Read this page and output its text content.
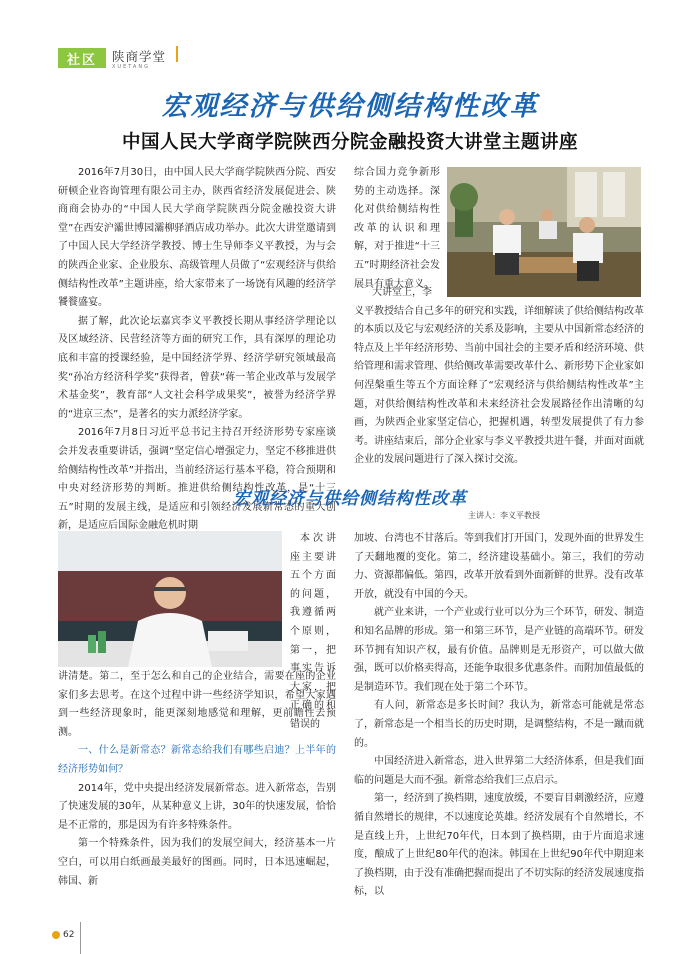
社区	陕商学堂
XUETANG
宏观经济与供给侧结构性改革
中国人民大学商学院陕西分院金融投资大讲堂主题讲座

2016年7月30日，由中国人民大学商学院陕西分院、西安研顿企业咨询管理有限公司主办，陕西省经济发展促进会、陕商商会协办的“中国人民大学商学院陕西分院金融投资大讲堂”在西安沪灞世博园灞柳驿酒店成功举办。此次大讲堂邀请到了中国人民大学经济学教授、博士生导师李义平教授，为与会的陕西企业家、企业股东、高级管理人员做了“宏观经济与供给侧结构性改革”主题讲座，给大家带来了一场饶有风趣的经济学饕餮盛宴。

据了解，此次论坛嘉宾李义平教授长期从事经济学理论以及区域经济、民营经济等方面的研究工作，具有深厚的理论功底和丰富的授课经验，是中国经济学界、经济学研究领域最高奖“孙冶方经济科学奖”获得者，曾获“蒋一苇企业改革与发展学术基金奖”，教育部“人文社会科学成果奖”，被誉为经济学界的“进京三杰”，是著名的实力派经济学家。

2016年7月8日习近平总书记主持召开经济形势专家座谈会并发表重要讲话，强调“坚定信心增强定力，坚定不移推进供给侧结构性改革”并指出，当前经济运行基本平稳，符合预期和中央对经济形势的判断。推进供给侧结构性改革，是“十三五”时期的发展主线，是适应和引领经济发展新常态的重大创新，是适应后国际金融危机时期

综合国力竞争新形势的主动选择。深化对供给侧结构性改革的认识和理解，对于推进“十三五”时期经济社会发展具有重大意义。

大讲堂上，李

义平教授结合自己多年的研究和实践，详细解读了供给侧结构改革的本质以及它与宏观经济的关系及影响，主要从中国新常态经济的特点及上半年经济形势、当前中国社会的主要矛盾和经济环境、供给管理和需求管理、供给侧改革需要改革什么、新形势下企业家如何涅槃重生等五个方面诠释了“宏观经济与供给侧结构性改革”主题，对供给侧结构性改革和未来经济社会发展路径作出清晰的勾画，为陕西企业家坚定信心，把握机遇，转型发展提供了有力参考。讲座结束后，部分企业家与李义平教授共进午餐，并面对面就企业的发展问题进行了深入探讨交流。

宏观经济与供给侧结构性改革
主讲人：李义平教授

本次讲座主要讲五个方面的问题，我遵循两个原则，第一，把事实告诉大家，把正确的和错误的

讲清楚。第二，至于怎么和自己的企业结合，需要在座的企业家们多去思考。在这个过程中讲一些经济学知识，希望大家遇到一些经济现象时，能更深刻地感觉和理解，更前瞻性去预测。

一、什么是新常态？新常态给我们有哪些启迪？上半年的经济形势如何？

2014年，党中央提出经济发展新常态。进入新常态，告别了快速发展的30年，从某种意义上讲，30年的快速发展，恰恰是不正常的，那是因为有许多特殊条件。

第一个特殊条件，因为我们的发展空间大，经济基本一片空白，可以用白纸画最美最好的图画。同时，日本迅速崛起，韩国、新

加坡、台湾也不甘落后。等到我们打开国门，发现外面的世界发生了天翻地覆的变化。第二，经济建设基础小。第三，我们的劳动力、资源都偏低。第四，改革开放看到外面新鲜的世界。没有改革开放，就没有中国的今天。

就产业来讲，一个产业或行业可以分为三个环节，研发、制造和知名品牌的形成。第一和第三环节，是产业链的高端环节。研发环节拥有知识产权，最有价值。品牌则是无形资产，可以做大做强，既可以价格卖得高，还能争取很多优惠条件。而附加值最低的是制造环节。我们现在处于第二个环节。

有人问，新常态是多长时间？我认为，新常态可能就是常态了，新常态是一个相当长的历史时期，是调整结构，不是一蹴而就的。

中国经济进入新常态，进入世界第二大经济体系，但是我们面临的问题是大而不强。新常态给我们三点启示。

第一，经济到了换档期，速度放缓，不要盲目刺激经济，应遵循自然增长的规律，不以速度论英雄。经济发展有个自然增长，不是直线上升，上世纪70年代，日本到了换档期，由于片面追求速度，酿成了上世纪80年代的泡沫。韩国在上世纪90年代中期迎来了换档期，由于没有准确把握而提出了不切实际的经济发展速度指标，以

62
